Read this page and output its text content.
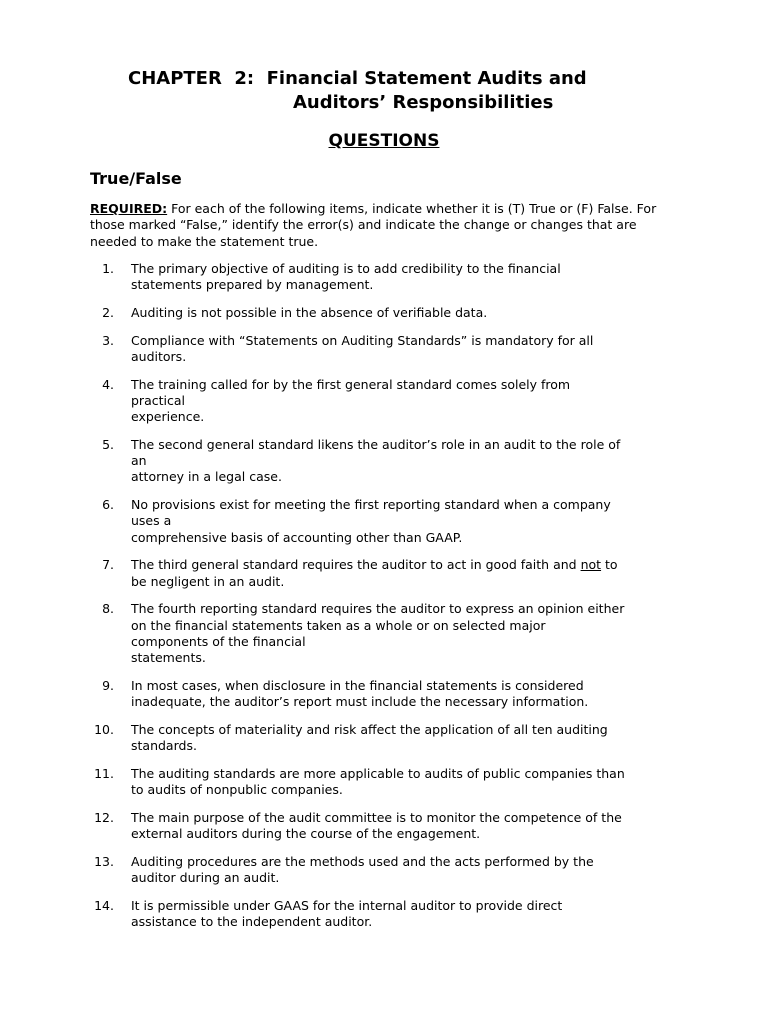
CHAPTER  2:  Financial Statement Audits and
Auditors’ Responsibilities
QUESTIONS
True/False

REQUIRED: For each of the following items, indicate whether it is (T) True or (F) False. For those marked “False,” identify the error(s) and indicate the change or changes that are needed to make the statement true.

1. The primary objective of auditing is to add credibility to the financial
statements prepared by management.
2. Auditing is not possible in the absence of verifiable data.
3. Compliance with “Statements on Auditing Standards” is mandatory for all
auditors.
4. The training called for by the first general standard comes solely from
practical
experience.
5. The second general standard likens the auditor’s role in an audit to the role of
an
attorney in a legal case.
6. No provisions exist for meeting the first reporting standard when a company
uses a
comprehensive basis of accounting other than GAAP.
7. The third general standard requires the auditor to act in good faith and not to
be negligent in an audit.
8. The fourth reporting standard requires the auditor to express an opinion either
on the financial statements taken as a whole or on selected major
components of the financial
statements.
9. In most cases, when disclosure in the financial statements is considered
inadequate, the auditor’s report must include the necessary information.
10. The concepts of materiality and risk affect the application of all ten auditing
standards.
11. The auditing standards are more applicable to audits of public companies than
to audits of nonpublic companies.
12. The main purpose of the audit committee is to monitor the competence of the
external auditors during the course of the engagement.
13. Auditing procedures are the methods used and the acts performed by the
auditor during an audit.
14. It is permissible under GAAS for the internal auditor to provide direct
assistance to the independent auditor.
